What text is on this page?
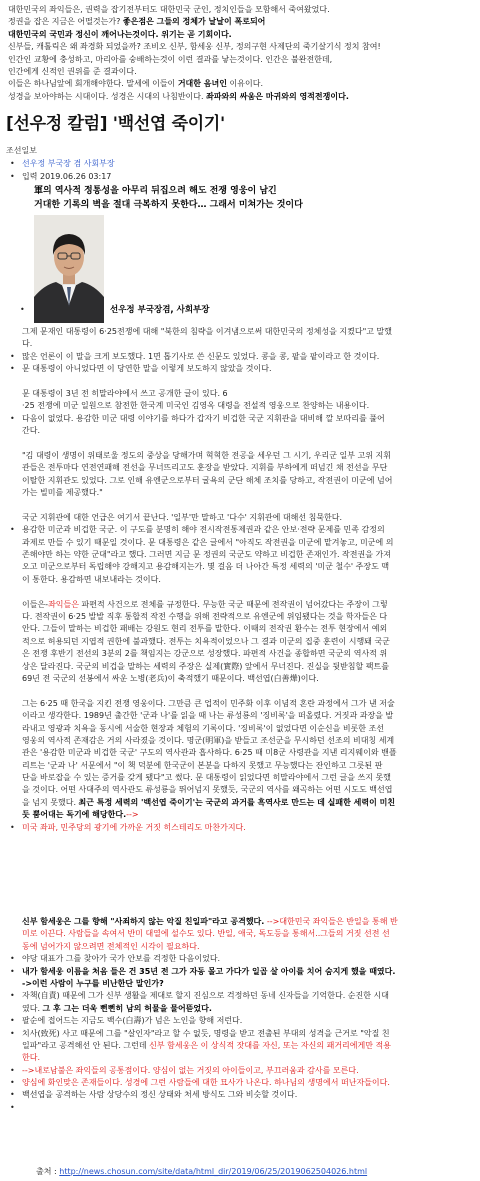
대한민국의 좌익들은, 권력을 잡기전부터도 대한민국 군인, 정치인들을 모함해서 죽여왔었다.

정권을 잡은 지금은 어떨것는가? 좋은점은 그들의 정체가 날날이 폭로되어

대한민국의 국민과 정신이 깨어나는것이다. 위기는 곧 기회이다.

신부들, 캐톨릭은 왜 좌경화 되었을까? 조비오 신부, 함세웅 신부, 정의구현 사제단의 죽기살기식 정치 참여!

인간인 교황에 충성하고, 마리아를 숭배하는것이 이런 결과를 낳는것이다. 인간은 불완전한데,

인간에게 신적인 권위를 준 결과이다.

이들은 하나님앞에 회개해야한다. 말세에 이들이 거대한 음녀인 이유이다.

성경을 보아야하는 시대이다. 성경은 시대의 나침반이다. 좌파와의 싸움은 마귀와의 영적전쟁이다.

[선우정 칼럼] '백선엽 죽이기'
조선일보
• 선우정 부국장 겸 사회부장
• 입력 2019.06.26 03:17
軍의 역사적 정통성을 아무리 뒤집으려 해도 전쟁 영웅이 남긴
거대한 기록의 벽을 절대 극복하지 못한다… 그래서 미쳐가는 것이다
•	선우정 부국장겸, 사회부장

그제 문재인 대통령이 6·25전쟁에 대해 "북한의 침략을 이겨냄으로써 대한민국의 정체성을 지켰다"고 말했

다.

• 많은 언론이 이 말을 크게 보도했다. 1면 톱기사로 쓴 신문도 있었다. 콩을 콩, 팥을 팥이라고 한 것이다.

• 문 대통령이 아니었다면 이 당연한 말을 이렇게 보도하지 않았을 것이다.

문 대통령이 3년 전 히말라야에서 쓰고 공개한 글이 있다. 6

·25 전쟁에 미군 일원으로 참전한 한국계 미국인 김영옥 대령을 전설적 영웅으로 찬양하는 내용이다.

• 다음이 없었다. 용감한 미군 대령 이야기를 하다가 갑자기 비겁한 국군 지휘관을 대비해 깔 보따리를 풀어

간다.

"김 대령이 생명이 위태로울 정도의 중상을 당해가며 혁혁한 전공을 세우던 그 시기, 우리군 일부 고위 지휘

관들은 전투마다 연전연패해 전선을 무너뜨리고도 훈장을 받았다. 지휘를 부하에게 떠넘긴 채 전선을 무단

이탈한 지휘관도 있었다. 그로 인해 유엔군으로부터 굴욕의 군단 해체 조치를 당하고, 작전권이 미군에 넘어

가는 빌미를 제공했다."

국군 지휘관에 대한 언급은 여기서 끝난다. '일부'만 말하고 '다수' 지휘관에 대해선 침묵한다.

• 용감한 미군과 비겁한 국군. 이 구도를 분명히 해야 전시작전통제권과 같은 안보·전략 문제를 민족 감정의

과제로 만들 수 있기 때문일 것이다. 문 대통령은 같은 글에서 "아직도 작전권을 미군에 맡겨놓고, 미군에 의

존해야만 하는 약한 군대"라고 했다. 그러면 지금 문 정권의 국군도 약하고 비겁한 존재인가. 작전권을 가져

오고 미군으로부터 독립해야 강해지고 용감해지는가. 몇 걸음 더 나아간 특정 세력의 '미군 철수' 주장도 맥

이 통한다. 용감하면 내보내라는 것이다.

이들은-좌익들은 파편적 사건으로 전체를 규정한다. 무능한 국군 때문에 전작권이 넘어갔다는 주장이 그렇

다. 전작권이 6·25 발발 직후 통합적 작전 수행을 위해 전략적으로 유엔군에 위임됐다는 것을 학자들은 다

안다. 그들이 말하는 비겁한 패배는 강원도 현리 전투를 말한다. 이때의 전작권 환수는 전투 현장에서 예외

적으로 허용되던 지엽적 권한에 불과했다. 전투는 치욕적이었으나 그 결과 미군의 집중 훈련이 시행돼 국군

은 전쟁 후반기 전선의 3분의 2를 책임지는 강군으로 성장했다. 파편적 사건을 종합하면 국군의 역사적 위

상은 달라진다. 국군의 비겁을 말하는 세력의 주장은 실제(實際) 앞에서 무너진다. 진실을 뒷받침할 팩트를

69년 전 국군의 선봉에서 싸운 노병(老兵)이 축적했기 때문이다. 백선엽(白善燁)이다.

그는 6·25 때 한국을 지킨 전쟁 영웅이다. 그만큼 큰 업적이 민주화 이후 이념적 혼란 과정에서 그가 낸 저술

이라고 생각한다. 1989년 출간한 '군과 나'를 읽을 때 나는 류성룡의 '징비록'을 떠올렸다. 거짓과 과장을 발

라내고 영광과 치욕을 동시에 서술한 현장과 체험의 기록이다. '징비록'이 없었다면 이순신을 비롯한 조선

영웅의 역사적 존재감은 거의 사라졌을 것이다. 명군(明軍)을 받들고 조선군을 무시하던 선조의 비대칭 세계

관은 '용감한 미군과 비겁한 국군' 구도의 역사관과 흡사하다. 6·25 때 미8군 사령관을 지낸 리지웨이와 밴플

리트는 '군과 나' 서문에서 "이 책 덕분에 한국군이 본분을 다하지 못했고 무능했다는 잔인하고 그릇된 판

단을 바로잡을 수 있는 증거를 갖게 됐다"고 썼다. 문 대통령이 읽었다면 히말라야에서 그런 글을 쓰지 못했

을 것이다. 어떤 사대주의 역사관도 류성룡을 뛰어넘지 못했듯, 국군의 역사를 왜곡하는 어떤 시도도 백선엽

을 넘지 못했다. 최근 특정 세력의 '백선엽 죽이기'는 국군의 과거를 흑역사로 만드는 데 실패한 세력이 미친

듯 뿜어대는 독기에 해당한다.-->

• 미국 좌파, 민주당의 광기에 가까운 거짓 히스테리도 마찬가지다.

신부 함세웅은 그를 향해 "사죄하지 않는 악질 친일파"라고 공격했다. -->대한민국 좌익들은 반일을 통해 반

미로 이끈다. 사람들을 속여서 반미 대열에 설수도 있다. 반일, 애국, 독도등을 통해서..그들의 거짓 선전 선

동에 넘어가지 않으려면 전체적인 시각이 필요하다.

• 야당 대표가 그를 찾아가 국가 안보를 걱정한 다음이었다.

• 내가 함세웅 이름을 처음 들은 건 35년 전 그가 자동 몰고 가다가 일곱 살 아이를 치어 숨지게 했을 때였다.

->이런 사람이 누구를 비난한단 말인가?

• 자책(自責) 때문에 그가 신부 생활을 제대로 할지 진심으로 걱정하던 동네 신자들을 기억한다. 순진한 시대

였다. 그 후 그는 더욱 뻔뻔히 남의 허물을 물어뜯었다.

• 팔순에 접어드는 지금도 백수(白壽)가 넘은 노인을 향해 저런다.

• 치사(致死) 사고 때문에 그를 "살인자"라고 할 수 없듯, 명령을 받고 전출된 부대의 성격을 근거로 "악질 친

일파"라고 공격해선 안 된다. 그런데 신부 함세웅은 이 상식적 잣대를 자신, 또는 자신의 패거리에게만 적용

한다.

• -->내로남불은 좌익들의 공통점이다. 양심이 없는 거짓의 아이들이고, 부끄러움과 감사를 모른다.

• 양심에 화인맞은 존재들이다. 성경에 그런 사람들에 대한 묘사가 나온다. 하나님의 생명에서 떠난자들이다.

• 백선엽을 공격하는 사람 상당수의 정신 상태와 처세 방식도 그와 비슷할 것이다.

•

출처 : http://news.chosun.com/site/data/html_dir/2019/06/25/2019062504026.html
